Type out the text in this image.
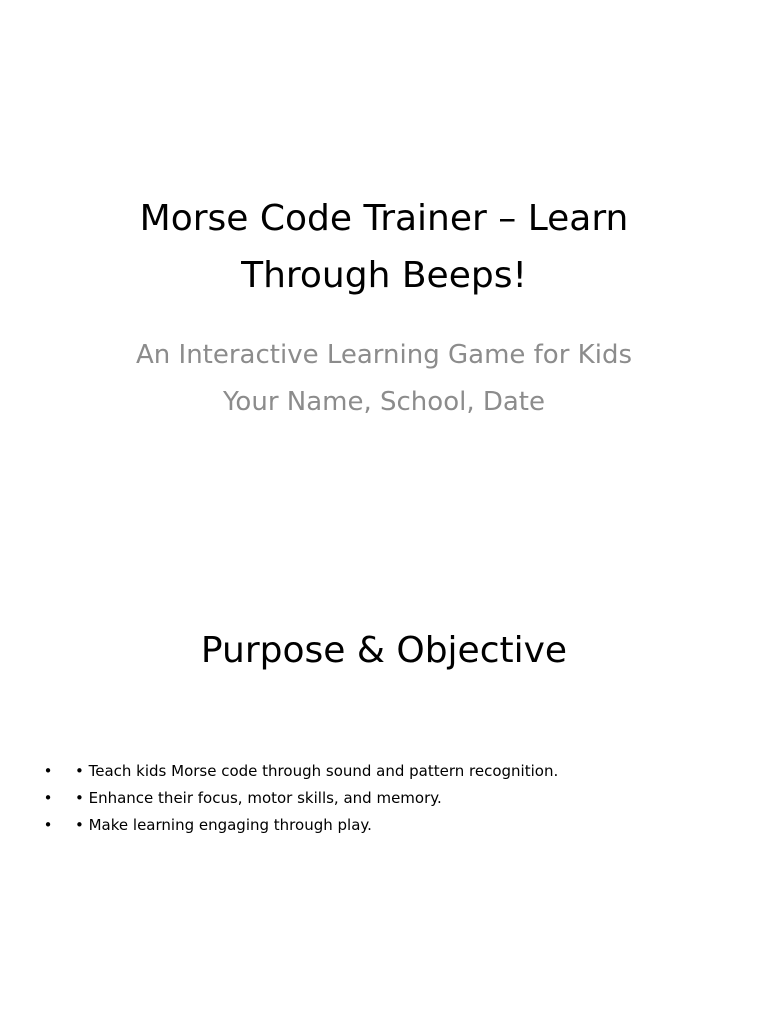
Morse Code Trainer – Learn Through Beeps!
An Interactive Learning Game for Kids
Your Name, School, Date
Purpose & Objective
• • Teach kids Morse code through sound and pattern recognition.
• • Enhance their focus, motor skills, and memory.
• • Make learning engaging through play.
